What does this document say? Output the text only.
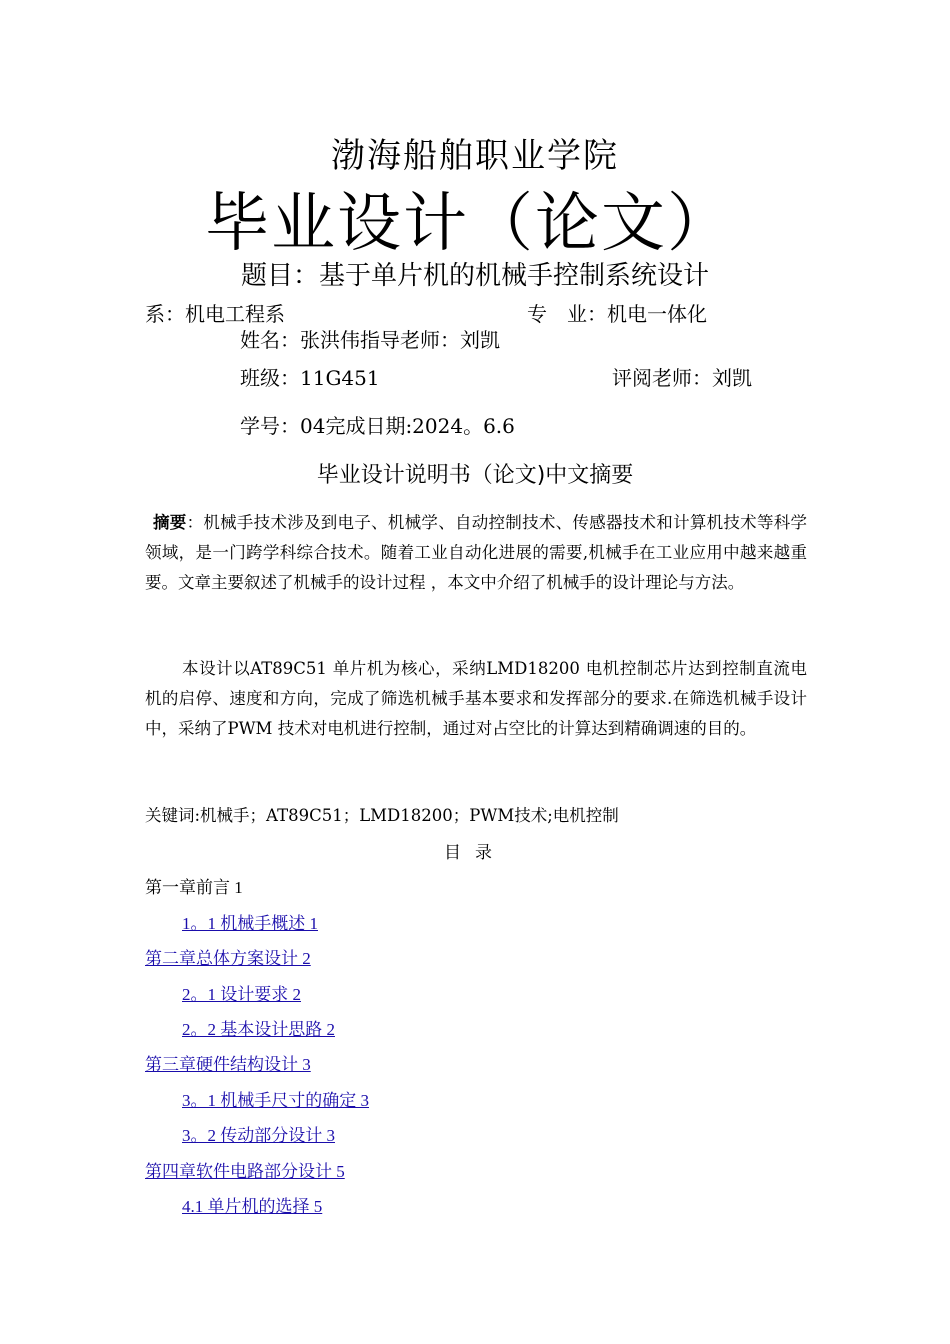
渤海船舶职业学院
毕业设计（论文）
题目：基于单片机的机械手控制系统设计
系：机电工程系	专　业：机电一体化
姓名：张洪伟指导老师：刘凯
班级：11G451	评阅老师：刘凯
学号：04完成日期:2024。6.6
毕业设计说明书（论文)中文摘要
摘要：机械手技术涉及到电子、机械学、自动控制技术、传感器技术和计算机技术等科学领域，是一门跨学科综合技术。随着工业自动化进展的需要,机械手在工业应用中越来越重要。文章主要叙述了机械手的设计过程 ，本文中介绍了机械手的设计理论与方法。
本设计以AT89C51 单片机为核心，采纳LMD18200 电机控制芯片达到控制直流电机的启停、速度和方向，完成了筛选机械手基本要求和发挥部分的要求.在筛选机械手设计中，采纳了PWM 技术对电机进行控制，通过对占空比的计算达到精确调速的目的。
关键词:机械手；AT89C51；LMD18200；PWM技术;电机控制
目录
第一章前言 1
1。1 机械手概述 1
第二章总体方案设计 2
2。1 设计要求 2
2。2 基本设计思路 2
第三章硬件结构设计 3
3。1 机械手尺寸的确定 3
3。2 传动部分设计 3
第四章软件电路部分设计 5
4.1 单片机的选择 5
